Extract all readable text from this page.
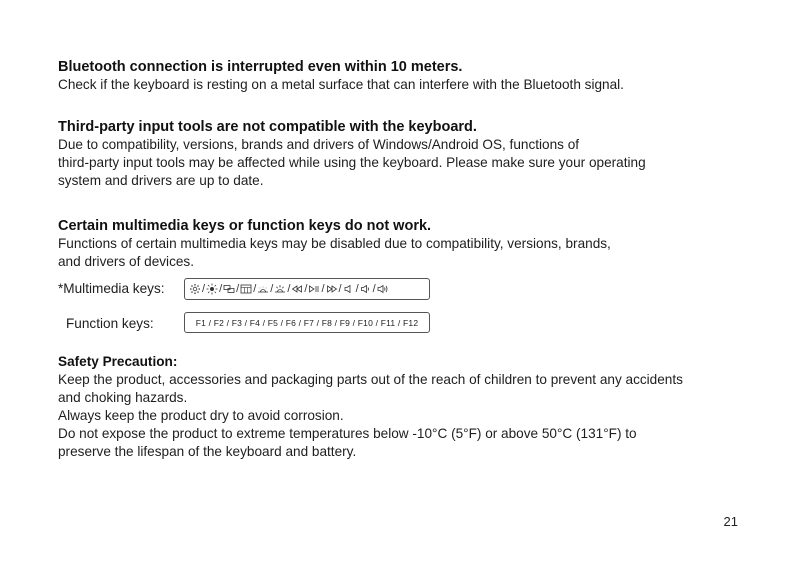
Bluetooth connection is interrupted even within 10 meters.

Check if the keyboard is resting on a metal surface that can interfere with the Bluetooth signal.

Third-party input tools are not compatible with the keyboard.

Due to compatibility, versions, brands and drivers of Windows/Android OS, functions of

third-party input tools may be affected while using the keyboard. Please make sure your operating

system and drivers are up to date.

Certain multimedia keys or function keys do not work.

Functions of certain multimedia keys may be disabled due to compatibility, versions, brands,

and drivers of devices.

*Multimedia keys:	/ / / / / / / / / / /
Function keys:	F1 / F2 / F3 / F4 / F5 / F6 / F7 / F8 / F9 / F10 / F11 / F12
Safety Precaution:

Keep the product, accessories and packaging parts out of the reach of children to prevent any accidents

and choking hazards.

Always keep the product dry to avoid corrosion.

Do not expose the product to extreme temperatures below -10°C (5°F) or above 50°C (131°F) to

preserve the lifespan of the keyboard and battery.

21
